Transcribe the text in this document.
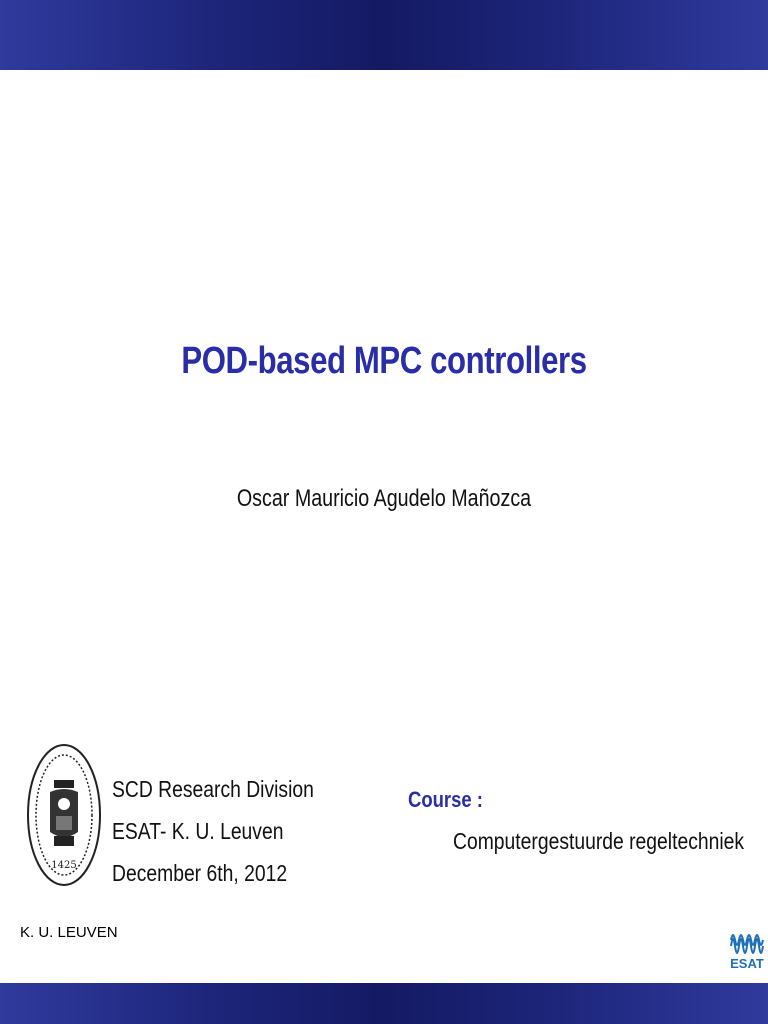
POD-based MPC controllers
Oscar Mauricio Agudelo Mañozca
1425
K. U. LEUVEN
SCD Research Division
ESAT- K. U. Leuven
December 6th, 2012
Course :
Computergestuurde regeltechniek
ESAT
